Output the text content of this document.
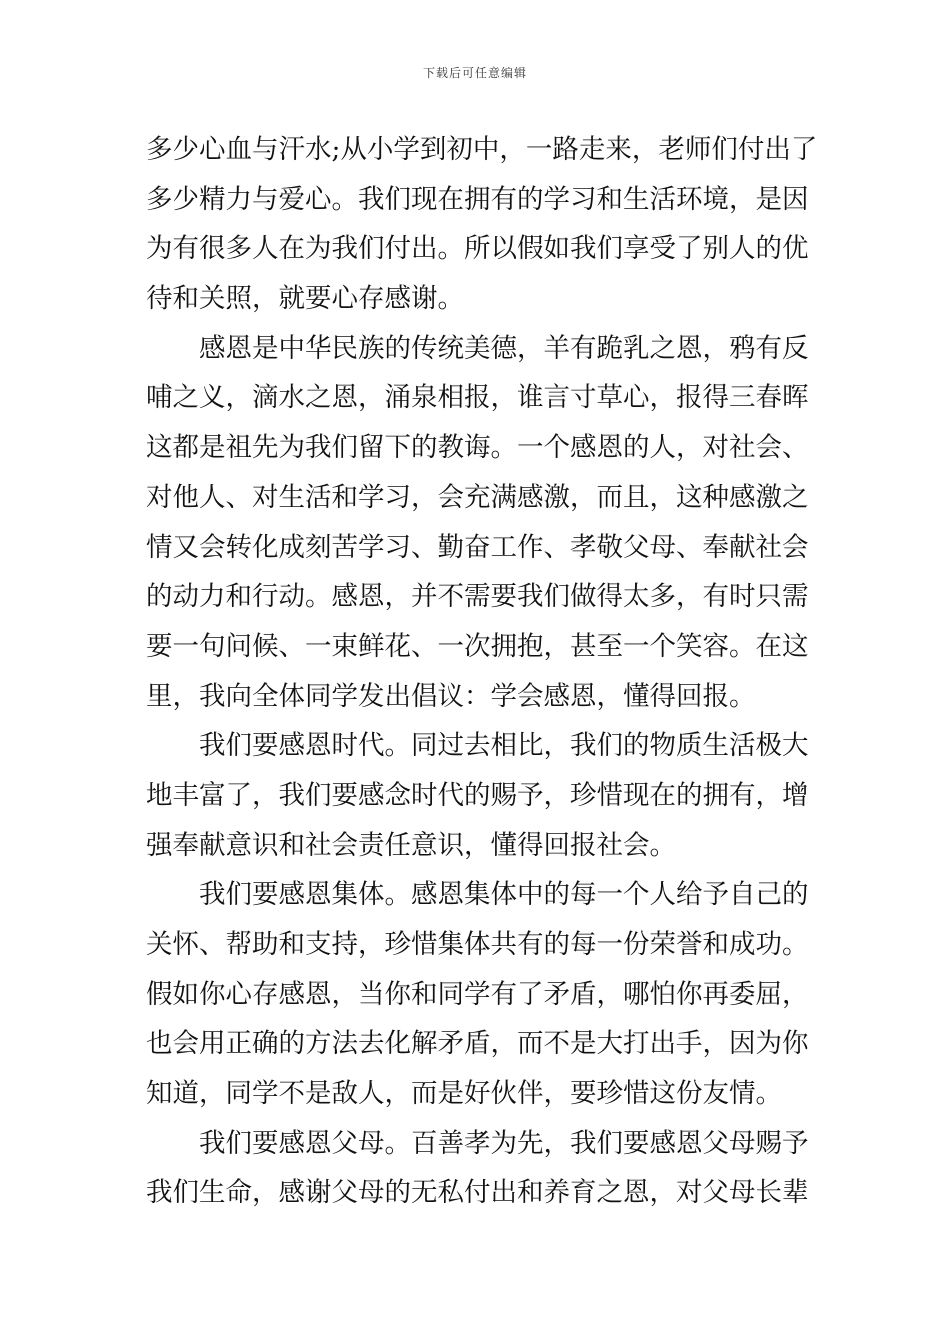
下载后可任意编辑
多少心血与汗水;从小学到初中，一路走来，老师们付出了
多少精力与爱心。我们现在拥有的学习和生活环境，是因
为有很多人在为我们付出。所以假如我们享受了别人的优
待和关照，就要心存感谢。
感恩是中华民族的传统美德，羊有跪乳之恩，鸦有反
哺之义，滴水之恩，涌泉相报，谁言寸草心，报得三春晖
这都是祖先为我们留下的教诲。一个感恩的人，对社会、
对他人、对生活和学习，会充满感激，而且，这种感激之
情又会转化成刻苦学习、勤奋工作、孝敬父母、奉献社会
的动力和行动。感恩，并不需要我们做得太多，有时只需
要一句问候、一束鲜花、一次拥抱，甚至一个笑容。在这
里，我向全体同学发出倡议：学会感恩，懂得回报。
我们要感恩时代。同过去相比，我们的物质生活极大
地丰富了，我们要感念时代的赐予，珍惜现在的拥有，增
强奉献意识和社会责任意识，懂得回报社会。
我们要感恩集体。感恩集体中的每一个人给予自己的
关怀、帮助和支持，珍惜集体共有的每一份荣誉和成功。
假如你心存感恩，当你和同学有了矛盾，哪怕你再委屈，
也会用正确的方法去化解矛盾，而不是大打出手，因为你
知道，同学不是敌人，而是好伙伴，要珍惜这份友情。
我们要感恩父母。百善孝为先，我们要感恩父母赐予
我们生命，感谢父母的无私付出和养育之恩，对父母长辈
